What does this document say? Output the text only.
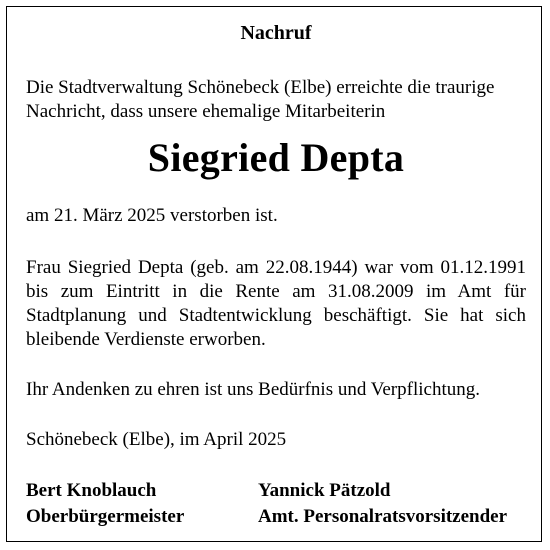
Nachruf
Die Stadtverwaltung Schönebeck (Elbe) erreichte die traurige Nachricht, dass unsere ehemalige Mitarbeiterin
Siegried Depta
am 21. März 2025 verstorben ist.
Frau Siegried Depta (geb. am 22.08.1944) war vom 01.12.1991 bis zum Eintritt in die Rente am 31.08.2009 im Amt für Stadtplanung und Stadtentwicklung beschäftigt. Sie hat sich bleibende Verdienste erworben.
Ihr Andenken zu ehren ist uns Bedürfnis und Verpflichtung.
Schönebeck (Elbe), im April 2025
Bert Knoblauch
Oberbürgermeister
Yannick Pätzold
Amt. Personalratsvorsitzender
